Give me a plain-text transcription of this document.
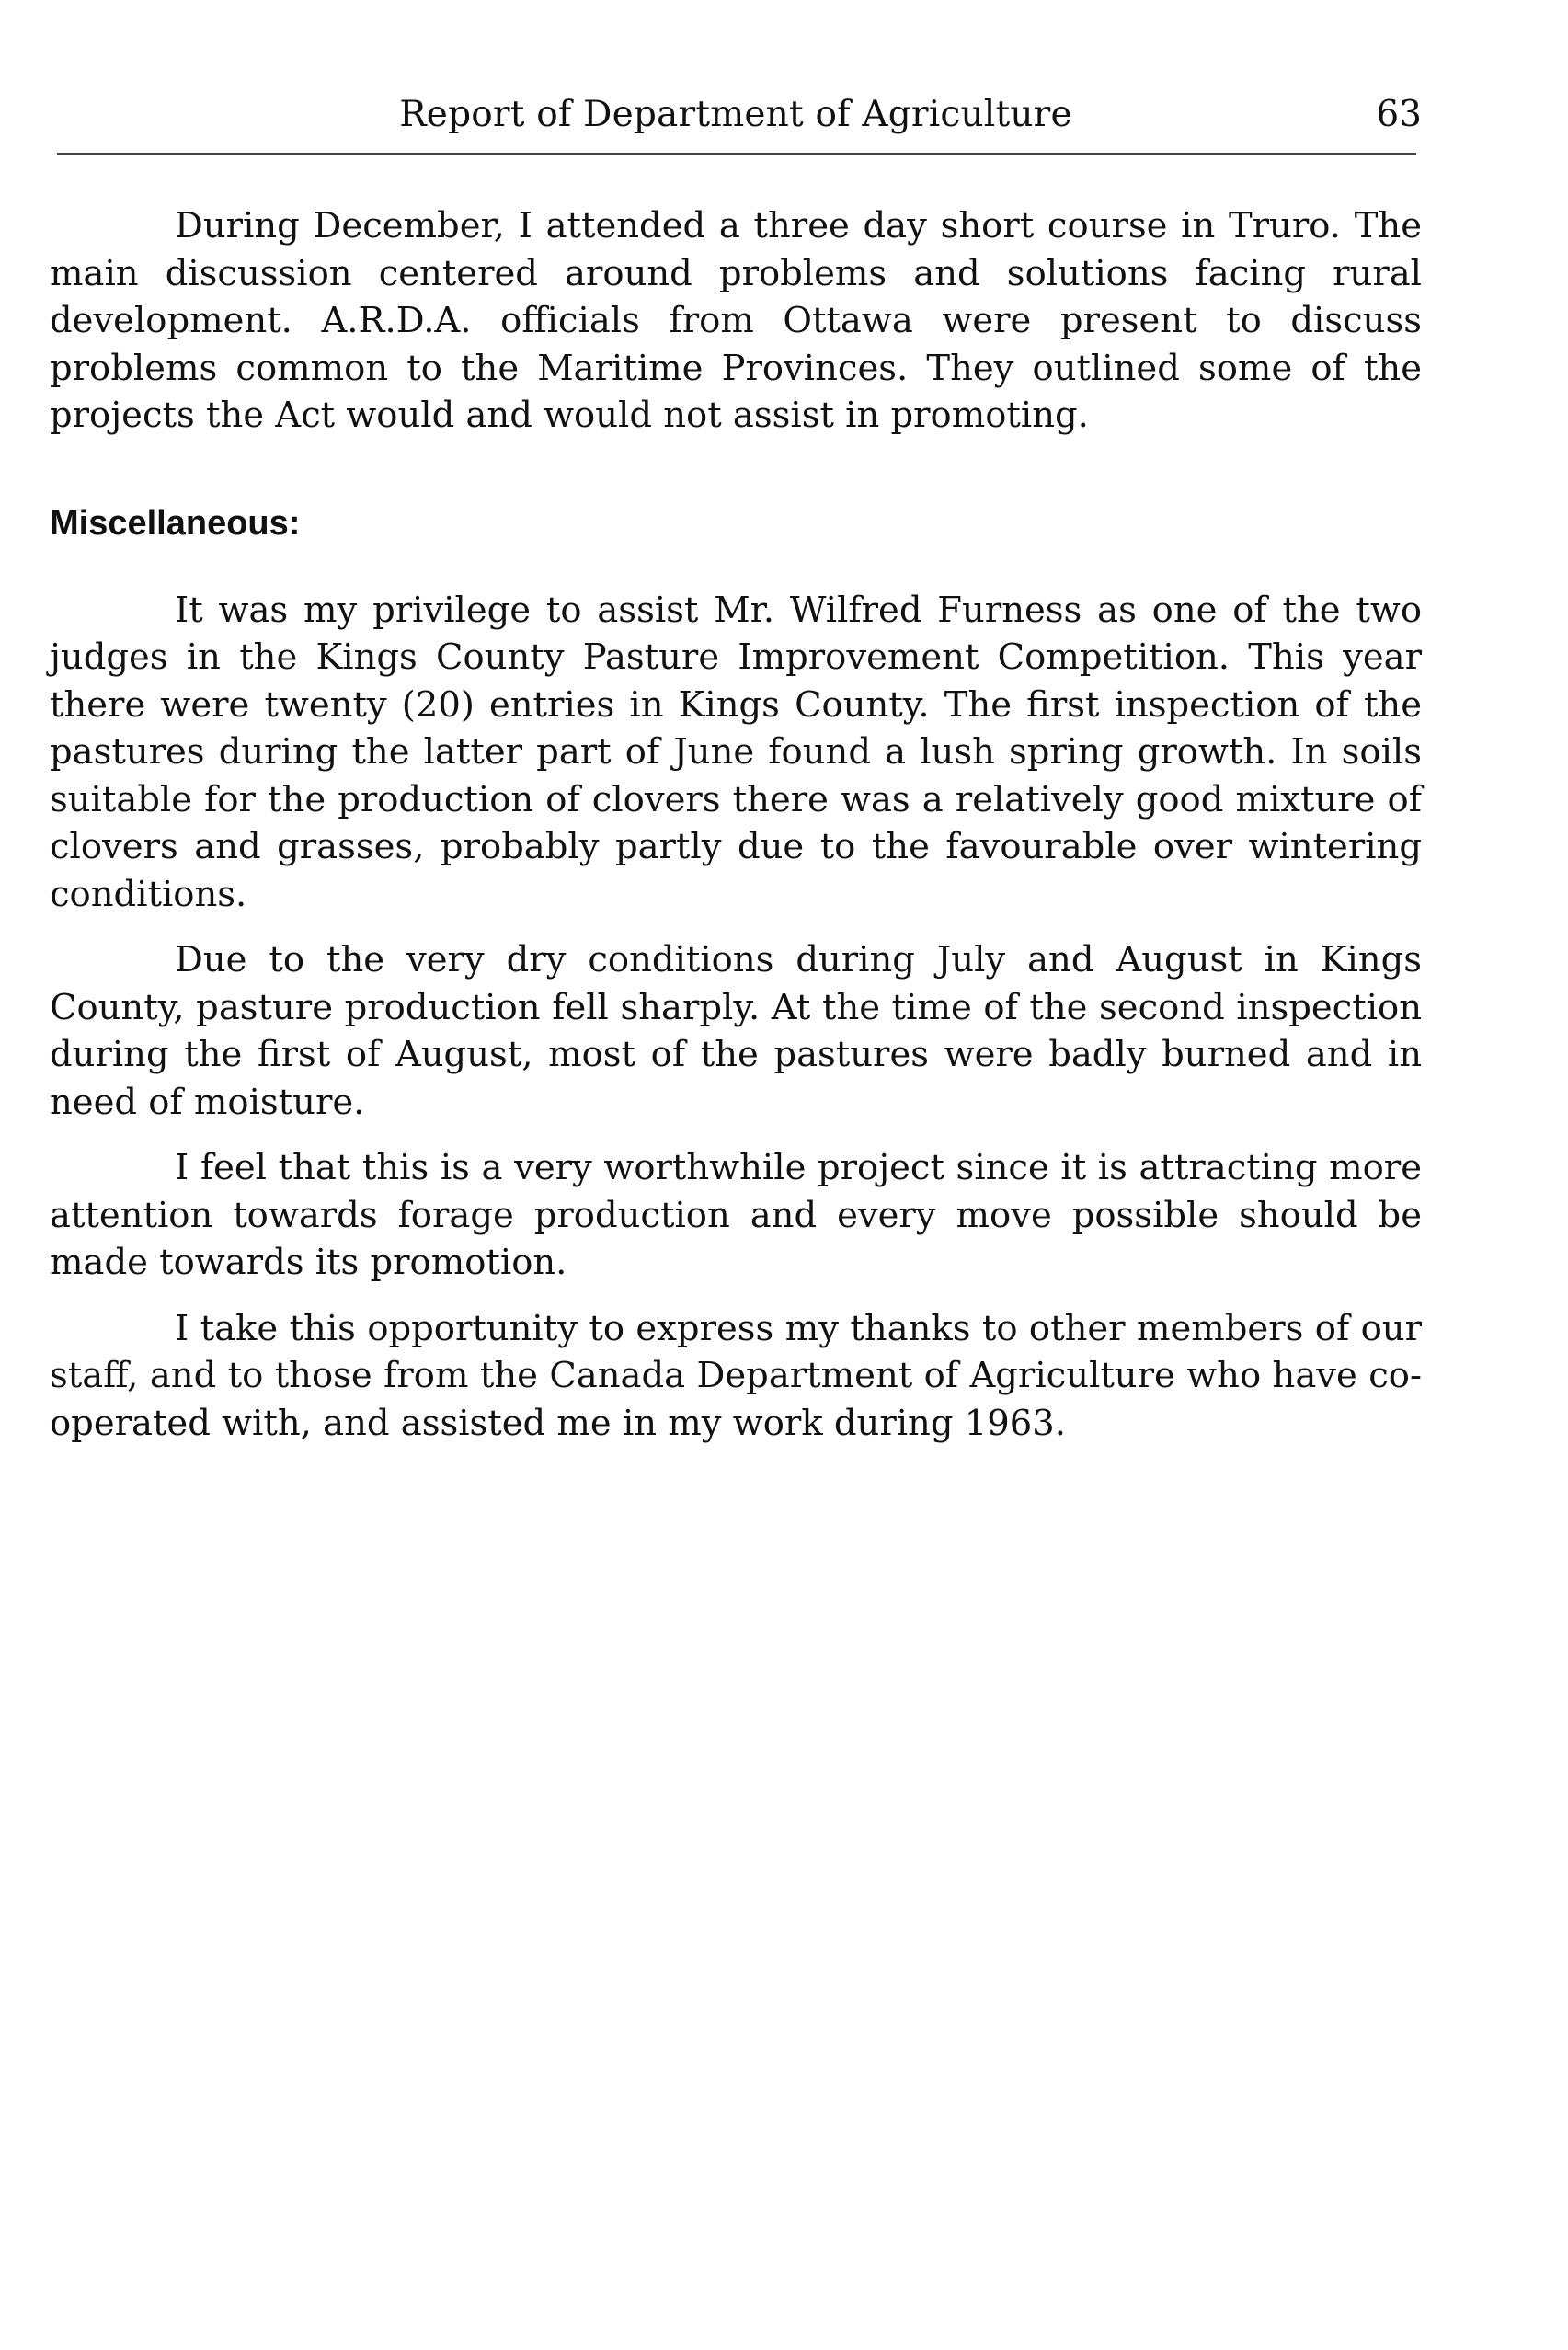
Report of Department of Agriculture	63

During December, I attended a three day short course in Truro. The main discussion centered around problems and solutions facing rural development. A.R.D.A. officials from Ottawa were present to discuss problems common to the Maritime Provinces. They outlined some of the projects the Act would and would not assist in promoting.

Miscellaneous:

It was my privilege to assist Mr. Wilfred Furness as one of the two judges in the Kings County Pasture Improvement Competition. This year there were twenty (20) entries in Kings County. The first inspection of the pastures during the latter part of June found a lush spring growth. In soils suitable for the production of clovers there was a relatively good mixture of clovers and grasses, probably partly due to the favourable over wintering conditions.

Due to the very dry conditions during July and August in Kings County, pasture production fell sharply. At the time of the second inspection during the first of August, most of the pastures were badly burned and in need of moisture.

I feel that this is a very worthwhile project since it is attracting more attention towards forage production and every move possible should be made towards its promotion.

I take this opportunity to express my thanks to other members of our staff, and to those from the Canada Department of Agriculture who have co-operated with, and assisted me in my work during 1963.
